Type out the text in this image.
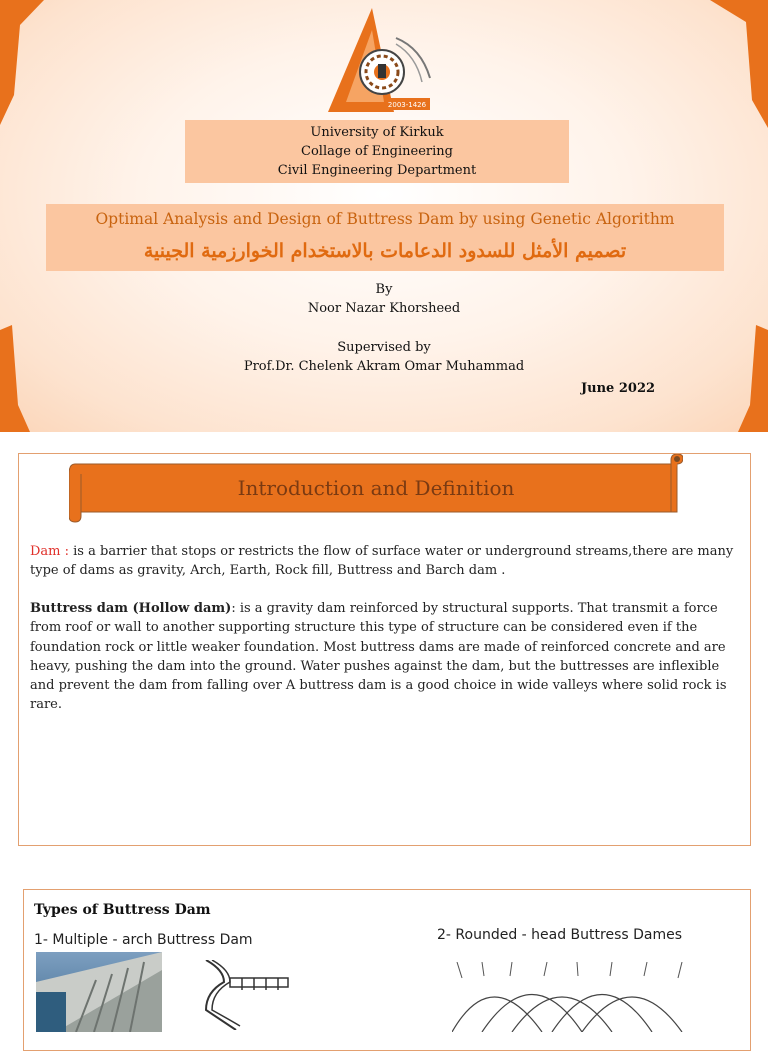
2003-1426
University of Kirkuk
Collage of Engineering
Civil Engineering Department
Optimal Analysis and Design of Buttress Dam by using Genetic Algorithm
تصميم الأمثل للسدود الدعامات بالاستخدام الخوارزمية الجينية
By
Noor Nazar Khorsheed
Supervised by
Prof.Dr. Chelenk Akram Omar Muhammad
June 2022
Introduction and Definition
Dam : is a barrier that stops or restricts the flow of surface water or underground streams,there are many type of dams as gravity, Arch, Earth, Rock fill, Buttress and Barch dam .
Buttress dam (Hollow dam): is a gravity dam reinforced by structural supports. That transmit a force from roof or wall to another supporting structure this type of structure can be considered even if the foundation rock or little weaker foundation. Most buttress dams are made of reinforced concrete and are heavy, pushing the dam into the ground. Water pushes against the dam, but the buttresses are inflexible and prevent the dam from falling over A buttress dam is a good choice in wide valleys where solid rock is rare.
Types of Buttress Dam
1- Multiple - arch Buttress Dam	2- Rounded - head Buttress Dames
